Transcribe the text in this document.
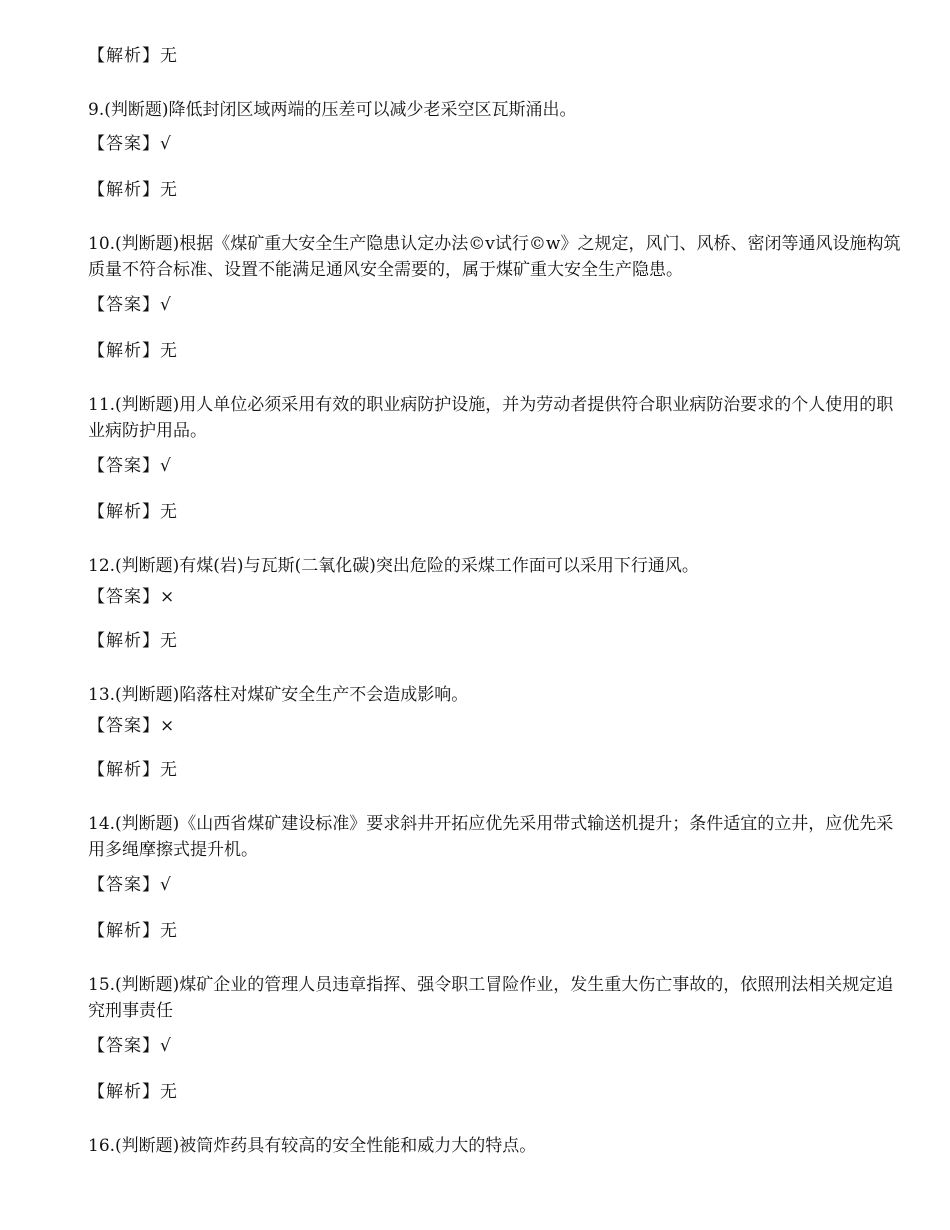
【解析】无
9.(判断题)降低封闭区域两端的压差可以减少老采空区瓦斯涌出。
【答案】√
【解析】无
10.(判断题)根据《煤矿重大安全生产隐患认定办法©v试行©w》之规定，风门、风桥、密闭等通风设施构筑质量不符合标准、设置不能满足通风安全需要的，属于煤矿重大安全生产隐患。
【答案】√
【解析】无
11.(判断题)用人单位必须采用有效的职业病防护设施，并为劳动者提供符合职业病防治要求的个人使用的职业病防护用品。
【答案】√
【解析】无
12.(判断题)有煤(岩)与瓦斯(二氧化碳)突出危险的采煤工作面可以采用下行通风。
【答案】×
【解析】无
13.(判断题)陷落柱对煤矿安全生产不会造成影响。
【答案】×
【解析】无
14.(判断题)《山西省煤矿建设标准》要求斜井开拓应优先采用带式输送机提升；条件适宜的立井，应优先采用多绳摩擦式提升机。
【答案】√
【解析】无
15.(判断题)煤矿企业的管理人员违章指挥、强令职工冒险作业，发生重大伤亡事故的，依照刑法相关规定追究刑事责任
【答案】√
【解析】无
16.(判断题)被筒炸药具有较高的安全性能和威力大的特点。
